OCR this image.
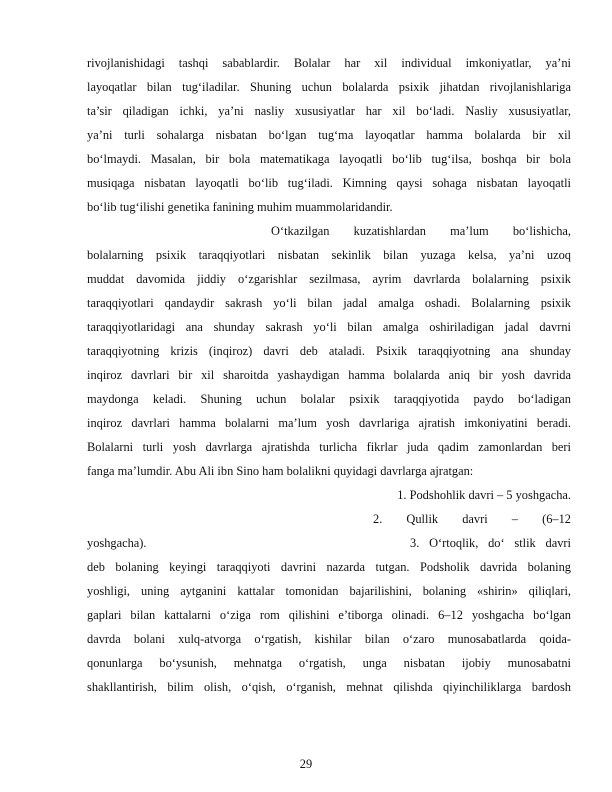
rivojlanishidagi tashqi sabablardir. Bolalar har xil individual imkoniyatlar, ya’ni
layoqatlar bilan tug‘iladilar. Shuning uchun bolalarda psixik jihatdan rivojlanishlariga
ta’sir qiladigan ichki, ya’ni nasliy xususiyatlar har xil bo‘ladi. Nasliy xususiyatlar,
ya’ni turli sohalarga nisbatan bo‘lgan tug‘ma layoqatlar hamma bolalarda bir xil
bo‘lmaydi. Masalan, bir bola matematikaga layoqatli bo‘lib tug‘ilsa, boshqa bir bola
musiqaga nisbatan layoqatli bo‘lib tug‘iladi. Kimning qaysi sohaga nisbatan layoqatli
bo‘lib tug‘ilishi genetika fanining muhim muammolaridandir.
O‘tkazilgan kuzatishlardan ma’lum bo‘lishicha,
bolalarning psixik taraqqiyotlari nisbatan sekinlik bilan yuzaga kelsa, ya’ni uzoq
muddat davomida jiddiy o‘zgarishlar sezilmasa, ayrim davrlarda bolalarning psixik
taraqqiyotlari qandaydir sakrash yo‘li bilan jadal amalga oshadi. Bolalarning psixik
taraqqiyotlaridagi ana shunday sakrash yo‘li bilan amalga oshiriladigan jadal davrni
taraqqiyotning krizis (inqiroz) davri deb ataladi. Psixik taraqqiyotning ana shunday
inqiroz davrlari bir xil sharoitda yashaydigan hamma bolalarda aniq bir yosh davrida
maydonga keladi. Shuning uchun bolalar psixik taraqqiyotida paydo bo‘ladigan
inqiroz davrlari hamma bolalarni ma’lum yosh davrlariga ajratish imkoniyatini beradi.
Bolalarni turli yosh davrlarga ajratishda turlicha fikrlar juda qadim zamonlardan beri
fanga ma’lumdir. Abu Ali ibn Sino ham bolalikni quyidagi davrlarga ajratgan:
1. Podshohlik davri – 5 yoshgacha.
2. Qullik davri – (6–12
yoshgacha).	3. O‘rtoqlik, do‘ stlik davri
deb bolaning keyingi taraqqiyoti davrini nazarda tutgan. Podsholik davrida bolaning
yoshligi, uning aytganini kattalar tomonidan bajarilishini, bolaning «shirin» qiliqlari,
gaplari bilan kattalarni o‘ziga rom qilishini e’tiborga olinadi. 6–12 yoshgacha bo‘lgan
davrda bolani xulq-atvorga o‘rgatish, kishilar bilan o‘zaro munosabatlarda qoida-
qonunlarga bo‘ysunish, mehnatga o‘rgatish, unga nisbatan ijobiy munosabatni
shakllantirish, bilim olish, o‘qish, o‘rganish, mehnat qilishda qiyinchiliklarga bardosh
29
